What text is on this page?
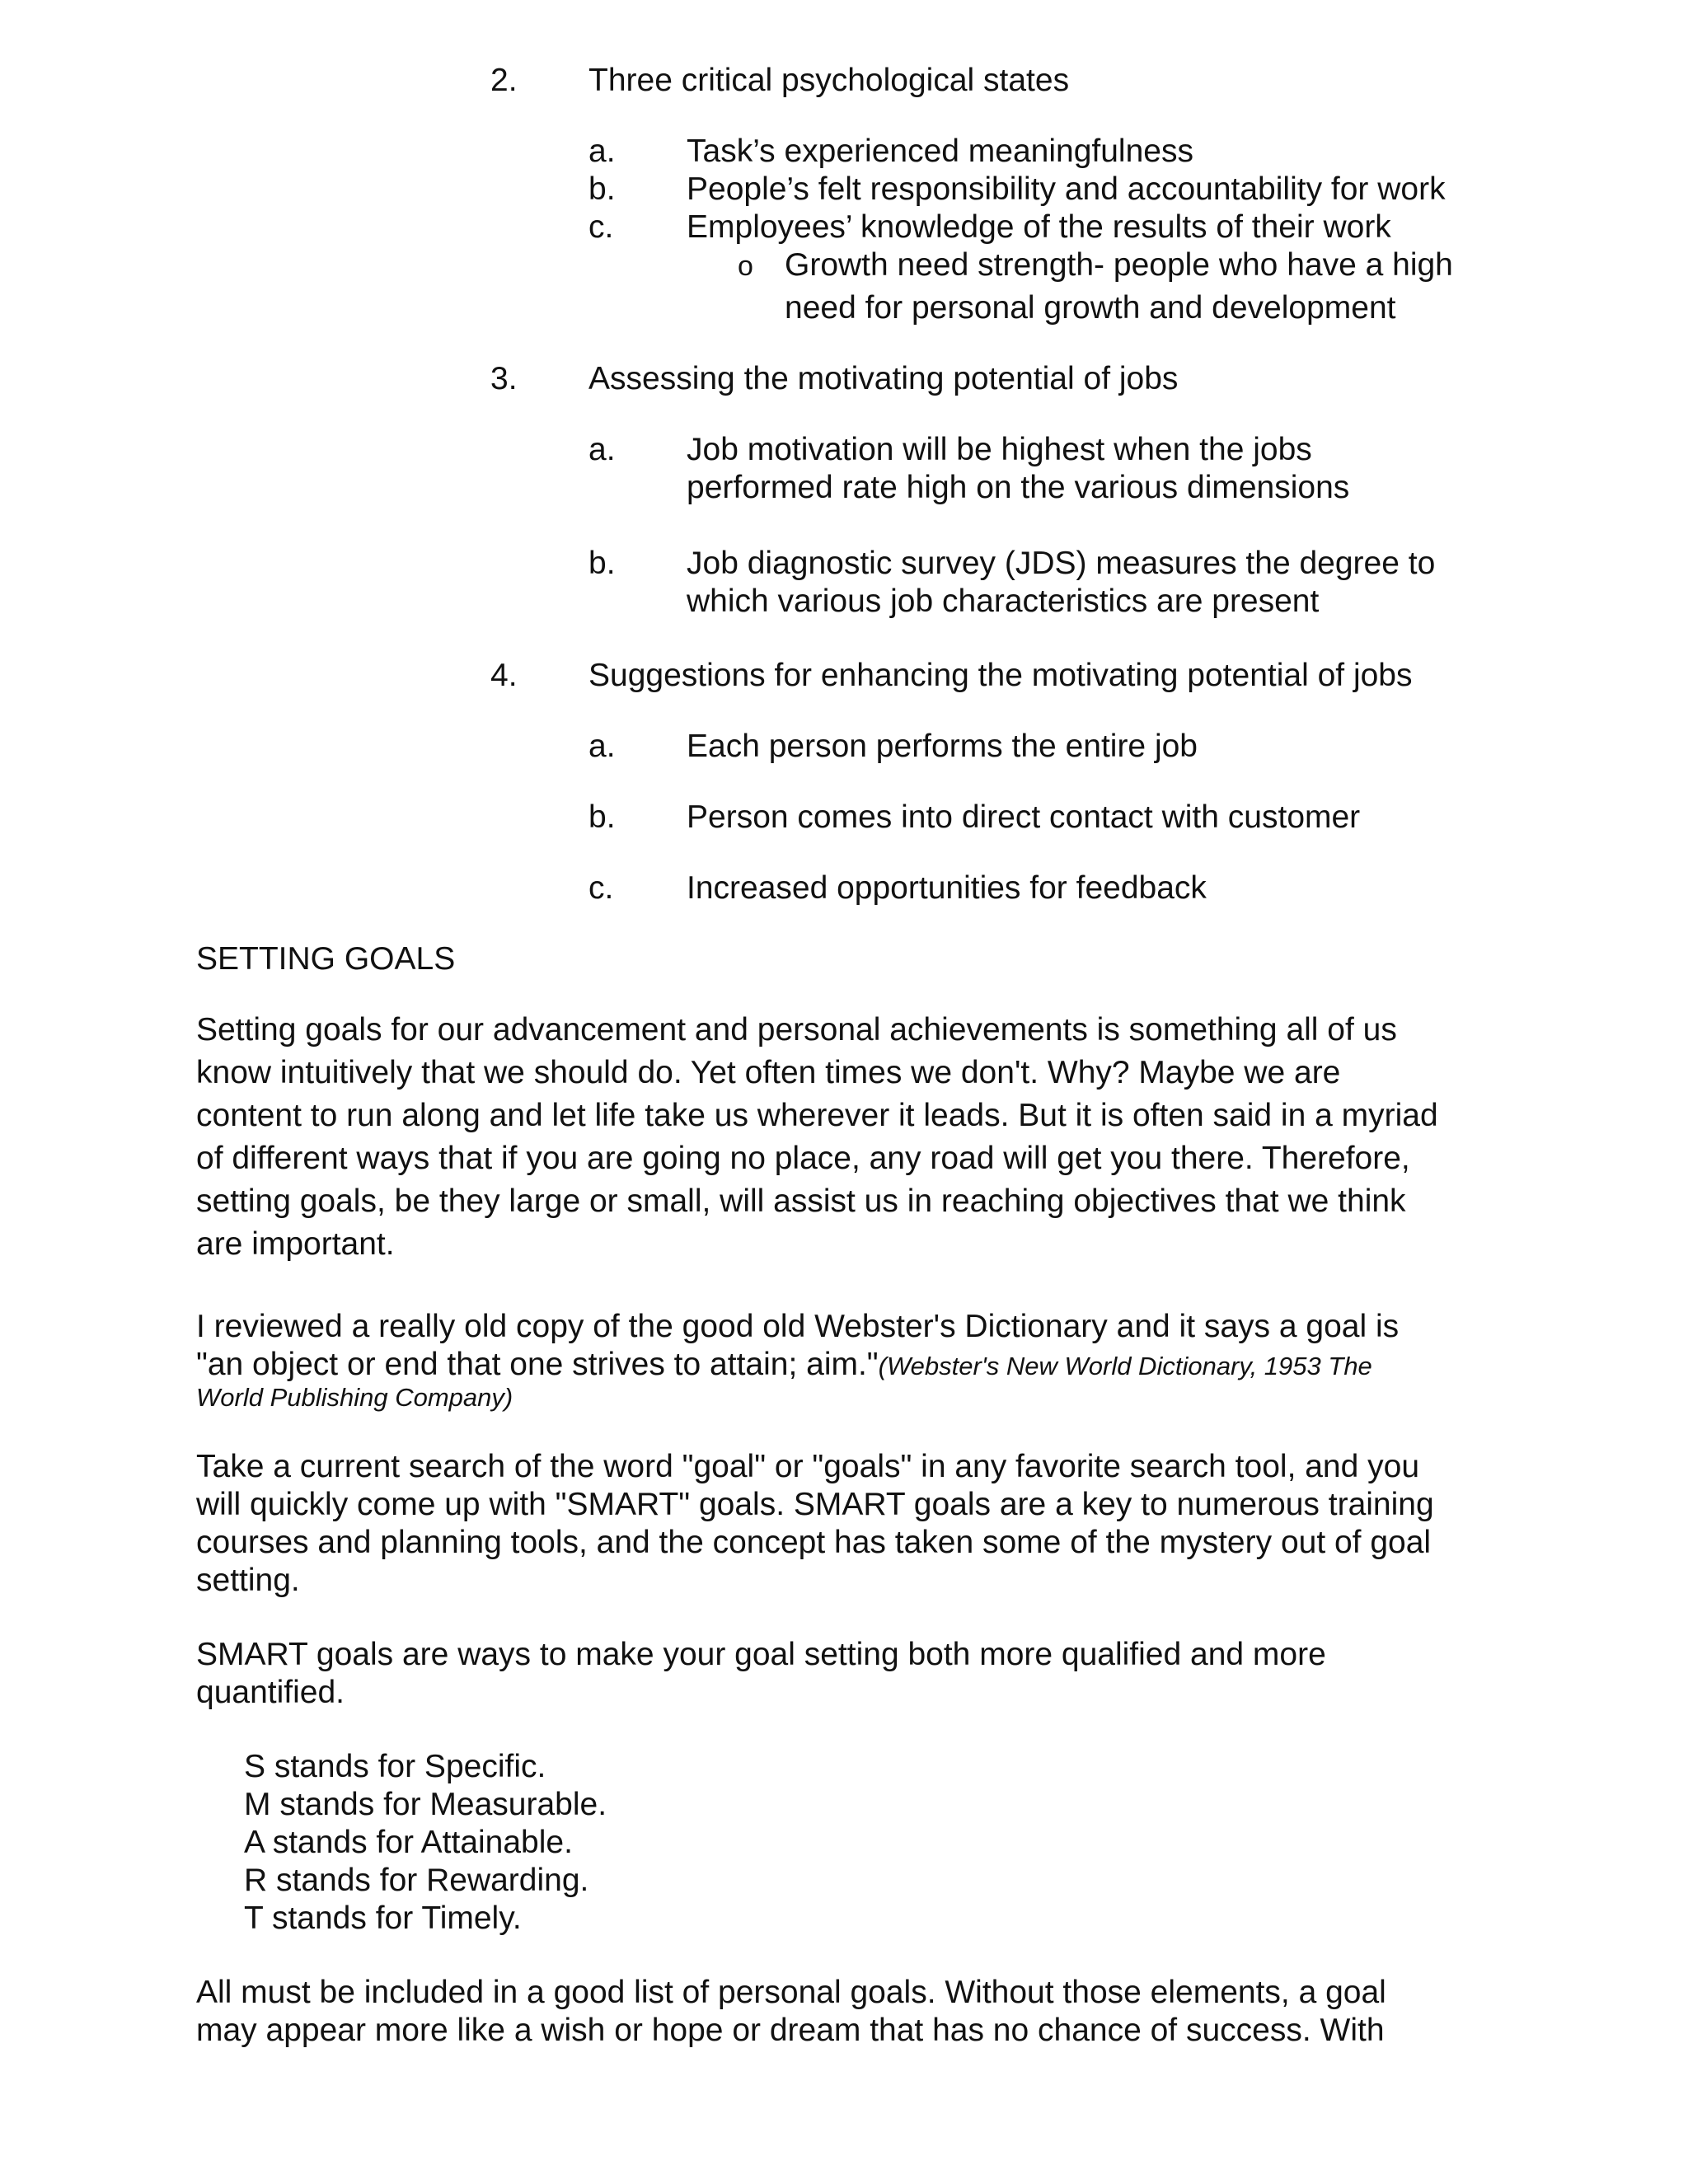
2. Three critical psychological states
a. Task’s experienced meaningfulness
b. People’s felt responsibility and accountability for work
c. Employees’ knowledge of the results of their work
o Growth need strength- people who have a high
need for personal growth and development
3. Assessing the motivating potential of jobs
a. Job motivation will be highest when the jobs
performed rate high on the various dimensions
b. Job diagnostic survey (JDS) measures the degree to
which various job characteristics are present
4. Suggestions for enhancing the motivating potential of jobs
a. Each person performs the entire job
b. Person comes into direct contact with customer
c. Increased opportunities for feedback
SETTING GOALS
Setting goals for our advancement and personal achievements is something all of us
know intuitively that we should do. Yet often times we don't. Why? Maybe we are
content to run along and let life take us wherever it leads. But it is often said in a myriad
of different ways that if you are going no place, any road will get you there. Therefore,
setting goals, be they large or small, will assist us in reaching objectives that we think
are important.
I reviewed a really old copy of the good old Webster's Dictionary and it says a goal is
"an object or end that one strives to attain; aim."(Webster's New World Dictionary, 1953 The
World Publishing Company)
Take a current search of the word "goal" or "goals" in any favorite search tool, and you
will quickly come up with "SMART" goals. SMART goals are a key to numerous training
courses and planning tools, and the concept has taken some of the mystery out of goal
setting.
SMART goals are ways to make your goal setting both more qualified and more
quantified.
S stands for Specific.
M stands for Measurable.
A stands for Attainable.
R stands for Rewarding.
T stands for Timely.
All must be included in a good list of personal goals. Without those elements, a goal
may appear more like a wish or hope or dream that has no chance of success. With
